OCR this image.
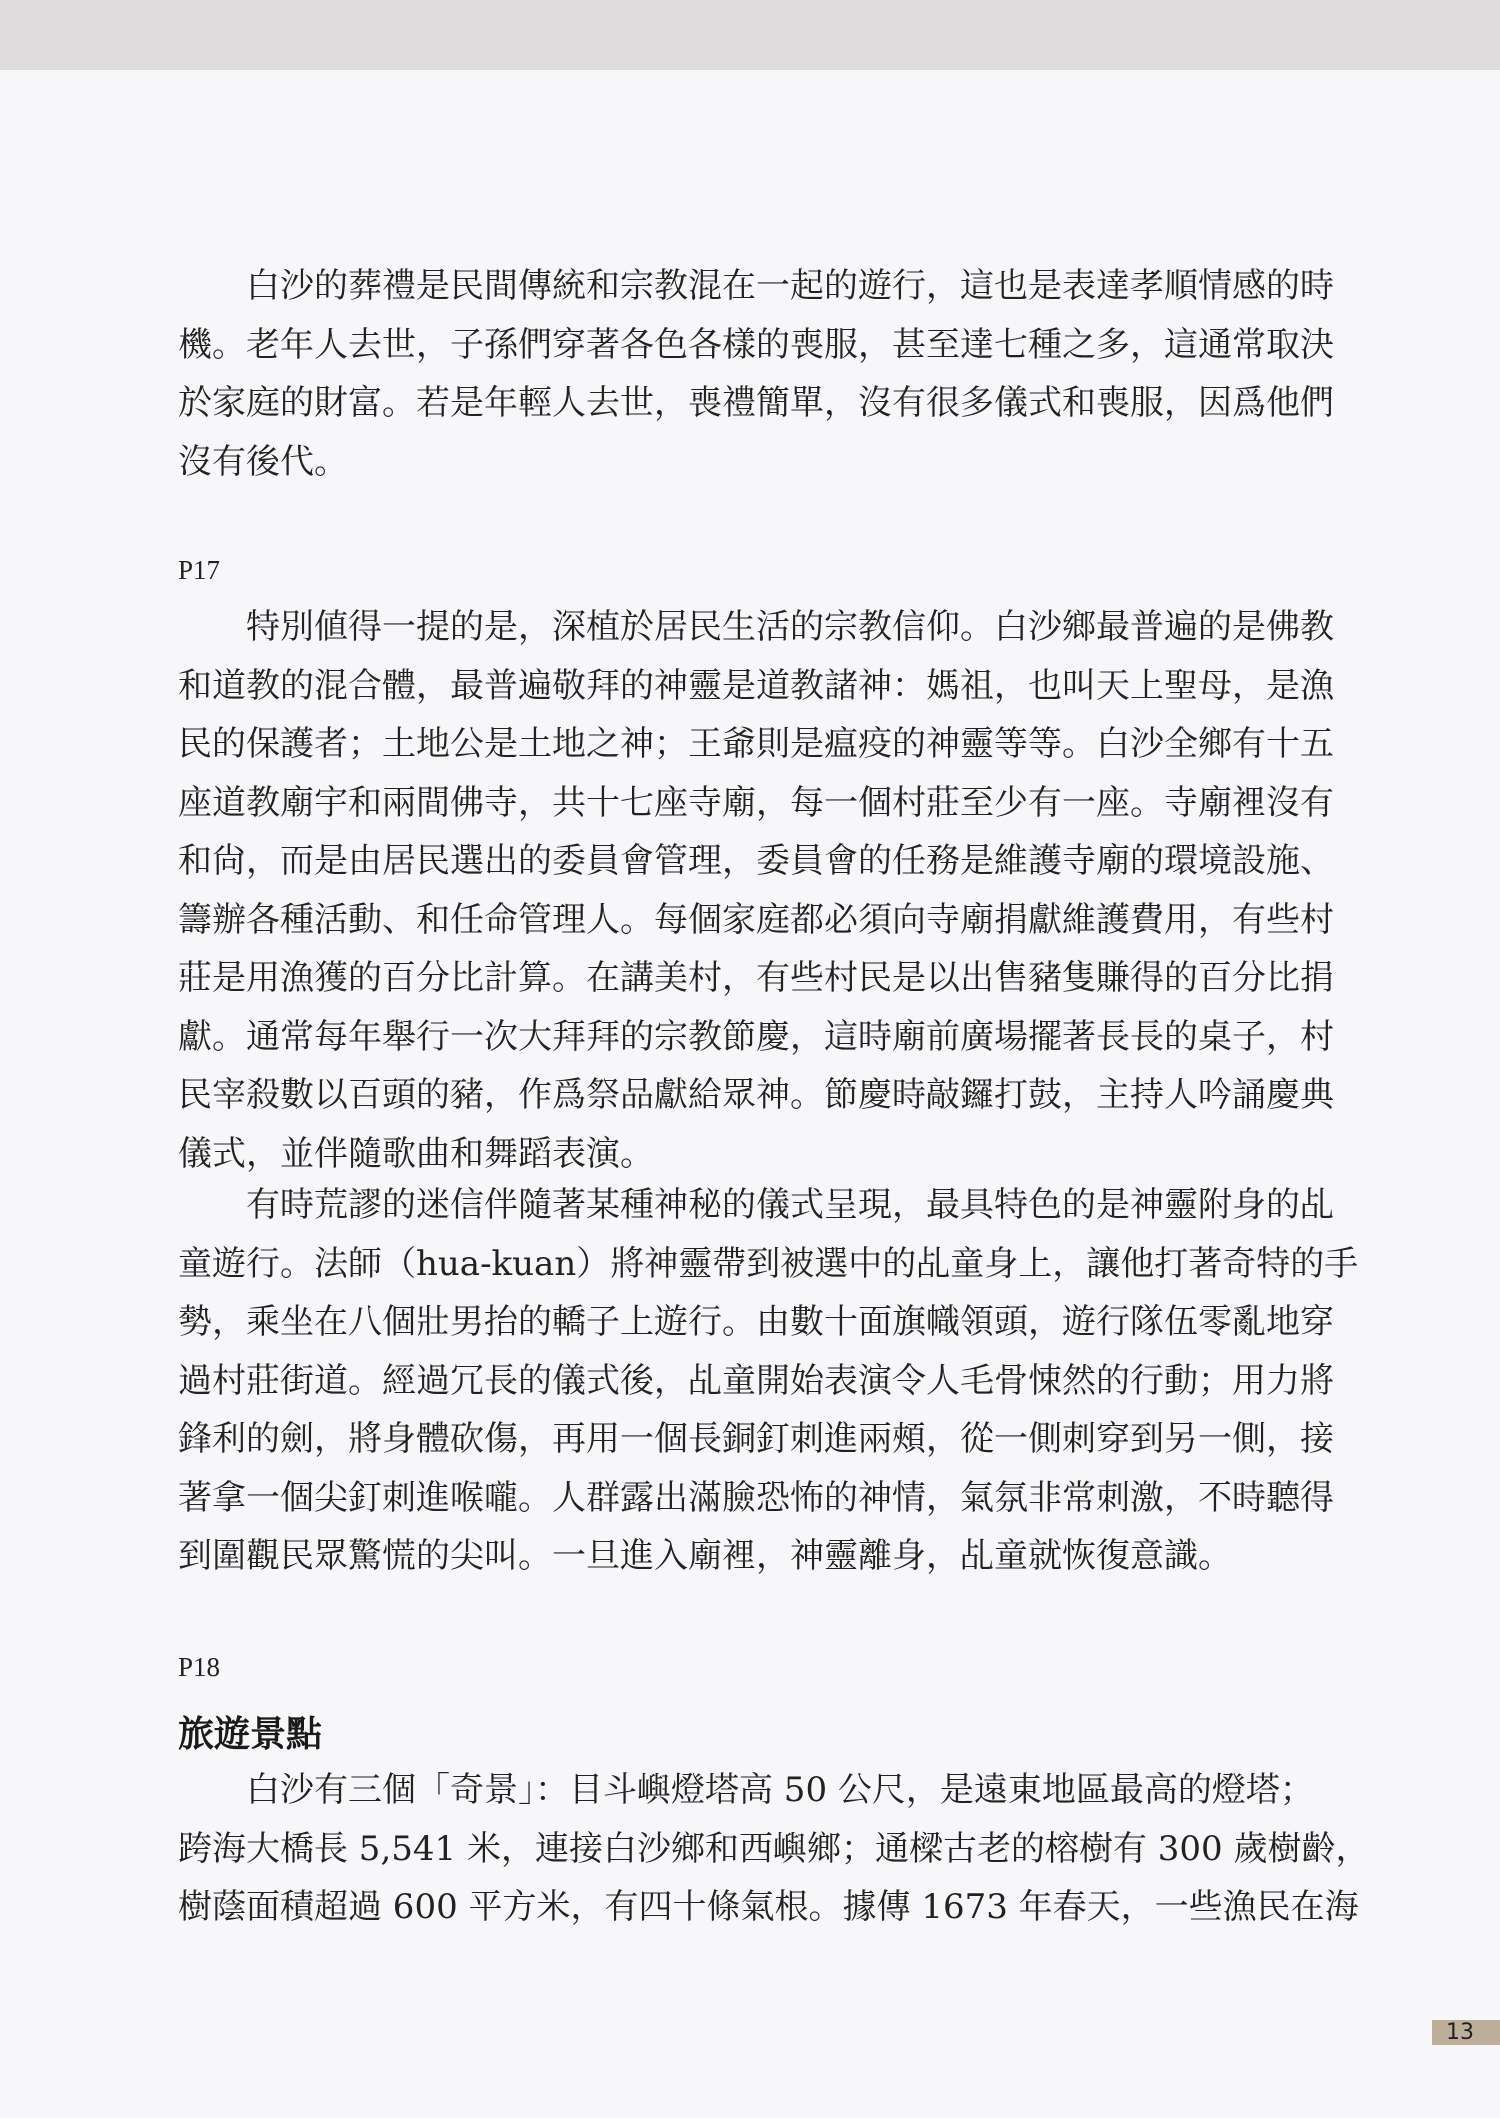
白沙的葬禮是民間傳統和宗教混在一起的遊行，這也是表達孝順情感的時
機。老年人去世，子孫們穿著各色各樣的喪服，甚至達七種之多，這通常取決
於家庭的財富。若是年輕人去世，喪禮簡單，沒有很多儀式和喪服，因爲他們
沒有後代。
P17
特別値得一提的是，深植於居民生活的宗教信仰。白沙鄉最普遍的是佛教
和道教的混合體，最普遍敬拜的神靈是道教諸神：媽祖，也叫天上聖母，是漁
民的保護者；土地公是土地之神；王爺則是瘟疫的神靈等等。白沙全鄉有十五
座道教廟宇和兩間佛寺，共十七座寺廟，每一個村莊至少有一座。寺廟裡沒有
和尙，而是由居民選出的委員會管理，委員會的任務是維護寺廟的環境設施、
籌辦各種活動、和任命管理人。每個家庭都必須向寺廟捐獻維護費用，有些村
莊是用漁獲的百分比計算。在講美村，有些村民是以出售豬隻賺得的百分比捐
獻。通常每年舉行一次大拜拜的宗教節慶，這時廟前廣場擺著長長的桌子，村
民宰殺數以百頭的豬，作爲祭品獻給眾神。節慶時敲鑼打鼓，主持人吟誦慶典
儀式，並伴隨歌曲和舞蹈表演。
有時荒謬的迷信伴隨著某種神秘的儀式呈現，最具特色的是神靈附身的乩
童遊行。法師（hua-kuan）將神靈帶到被選中的乩童身上，讓他打著奇特的手
勢，乘坐在八個壯男抬的轎子上遊行。由數十面旗幟領頭，遊行隊伍零亂地穿
過村莊街道。經過冗長的儀式後，乩童開始表演令人毛骨悚然的行動；用力將
鋒利的劍，將身體砍傷，再用一個長銅釘刺進兩頰，從一側刺穿到另一側，接
著拿一個尖釘刺進喉嚨。人群露出滿臉恐怖的神情，氣氛非常刺激，不時聽得
到圍觀民眾驚慌的尖叫。一旦進入廟裡，神靈離身，乩童就恢復意識。
P18
旅遊景點
白沙有三個「奇景」：目斗嶼燈塔高 50 公尺，是遠東地區最高的燈塔；
跨海大橋長 5,541 米，連接白沙鄉和西嶼鄉；通樑古老的榕樹有 300 歲樹齡，
樹蔭面積超過 600 平方米，有四十條氣根。據傳 1673 年春天，一些漁民在海
13
